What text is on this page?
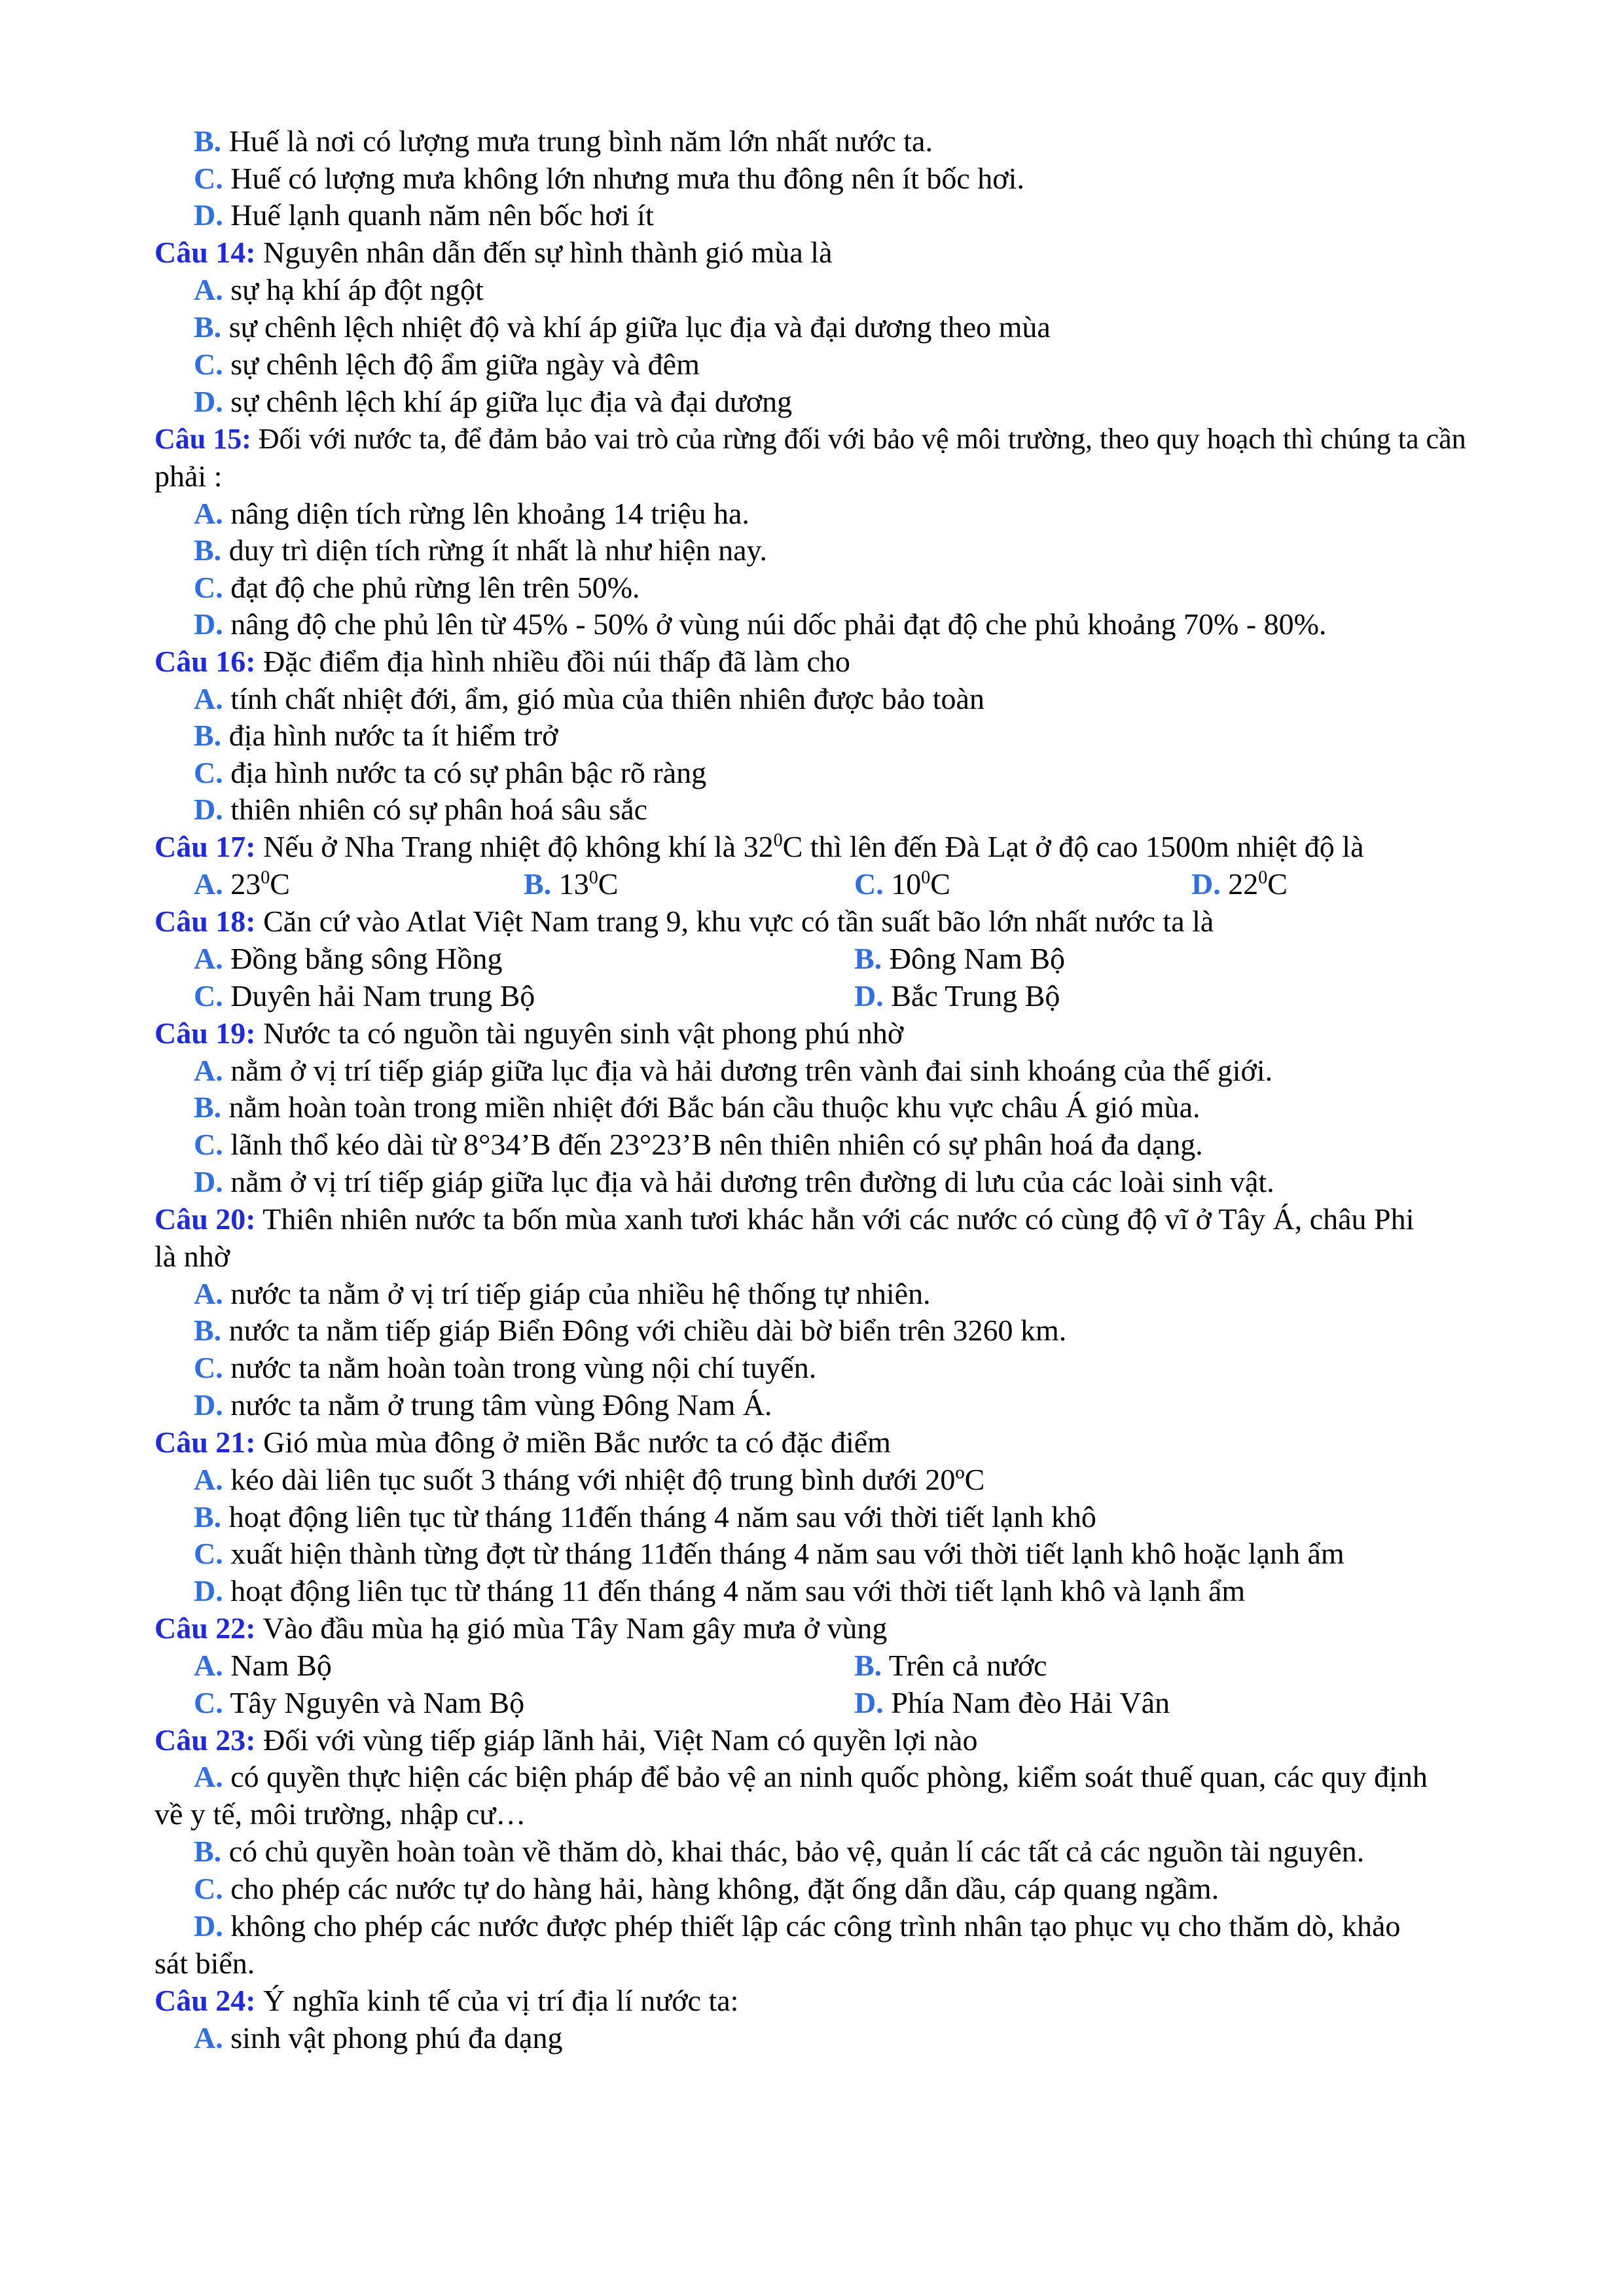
B. Huế là nơi có lượng mưa trung bình năm lớn nhất nước ta.
C. Huế có lượng mưa không lớn nhưng mưa thu đông nên ít bốc hơi.
D. Huế lạnh quanh năm nên bốc hơi ít
Câu 14: Nguyên nhân dẫn đến sự hình thành gió mùa là
A. sự hạ khí áp đột ngột
B. sự chênh lệch nhiệt độ và khí áp giữa lục địa và đại dương theo mùa
C. sự chênh lệch độ ẩm giữa ngày và đêm
D. sự chênh lệch khí áp giữa lục địa và đại dương
Câu 15: Đối với nước ta, để đảm bảo vai trò của rừng đối với bảo vệ môi trường, theo quy hoạch thì chúng ta cần
phải :
A. nâng diện tích rừng lên khoảng 14 triệu ha.
B. duy trì diện tích rừng ít nhất là như hiện nay.
C. đạt độ che phủ rừng lên trên 50%.
D. nâng độ che phủ lên từ 45% - 50% ở vùng núi dốc phải đạt độ che phủ khoảng 70% - 80%.
Câu 16: Đặc điểm địa hình nhiều đồi núi thấp đã làm cho
A. tính chất nhiệt đới, ẩm, gió mùa của thiên nhiên được bảo toàn
B. địa hình nước ta ít hiểm trở
C. địa hình nước ta có sự phân bậc rõ ràng
D. thiên nhiên có sự phân hoá sâu sắc
Câu 17: Nếu ở Nha Trang nhiệt độ không khí là $32^0C$ thì lên đến Đà Lạt ở độ cao 1500m nhiệt độ là
A. $23^0C$	B. $13^0C$	C. $10^0C$	D. $22^0C$
Câu 18: Căn cứ vào Atlat Việt Nam trang 9, khu vực có tần suất bão lớn nhất nước ta là
A. Đồng bằng sông Hồng	B. Đông Nam Bộ
C. Duyên hải Nam trung Bộ	D. Bắc Trung Bộ
Câu 19: Nước ta có nguồn tài nguyên sinh vật phong phú nhờ
A. nằm ở vị trí tiếp giáp giữa lục địa và hải dương trên vành đai sinh khoáng của thế giới.
B. nằm hoàn toàn trong miền nhiệt đới Bắc bán cầu thuộc khu vực châu Á gió mùa.
C. lãnh thổ kéo dài từ 8°34’B đến 23°23’B nên thiên nhiên có sự phân hoá đa dạng.
D. nằm ở vị trí tiếp giáp giữa lục địa và hải dương trên đường di lưu của các loài sinh vật.
Câu 20: Thiên nhiên nước ta bốn mùa xanh tươi khác hẳn với các nước có cùng độ vĩ ở Tây Á, châu Phi
là nhờ
A. nước ta nằm ở vị trí tiếp giáp của nhiều hệ thống tự nhiên.
B. nước ta nằm tiếp giáp Biển Đông với chiều dài bờ biển trên 3260 km.
C. nước ta nằm hoàn toàn trong vùng nội chí tuyến.
D. nước ta nằm ở trung tâm vùng Đông Nam Á.
Câu 21: Gió mùa mùa đông ở miền Bắc nước ta có đặc điểm
A. kéo dài liên tục suốt 3 tháng với nhiệt độ trung bình dưới 20ºC
B. hoạt động liên tục từ tháng 11đến tháng 4 năm sau với thời tiết lạnh khô
C. xuất hiện thành từng đợt từ tháng 11đến tháng 4 năm sau với thời tiết lạnh khô hoặc lạnh ẩm
D. hoạt động liên tục từ tháng 11 đến tháng 4 năm sau với thời tiết lạnh khô và lạnh ẩm
Câu 22: Vào đầu mùa hạ gió mùa Tây Nam gây mưa ở vùng
A. Nam Bộ	B. Trên cả nước
C. Tây Nguyên và Nam Bộ	D. Phía Nam đèo Hải Vân
Câu 23: Đối với vùng tiếp giáp lãnh hải, Việt Nam có quyền lợi nào
A. có quyền thực hiện các biện pháp để bảo vệ an ninh quốc phòng, kiểm soát thuế quan, các quy định
về y tế, môi trường, nhập cư…
B. có chủ quyền hoàn toàn về thăm dò, khai thác, bảo vệ, quản lí các tất cả các nguồn tài nguyên.
C. cho phép các nước tự do hàng hải, hàng không, đặt ống dẫn dầu, cáp quang ngầm.
D. không cho phép các nước được phép thiết lập các công trình nhân tạo phục vụ cho thăm dò, khảo
sát biển.
Câu 24: Ý nghĩa kinh tế của vị trí địa lí nước ta:
A. sinh vật phong phú đa dạng
